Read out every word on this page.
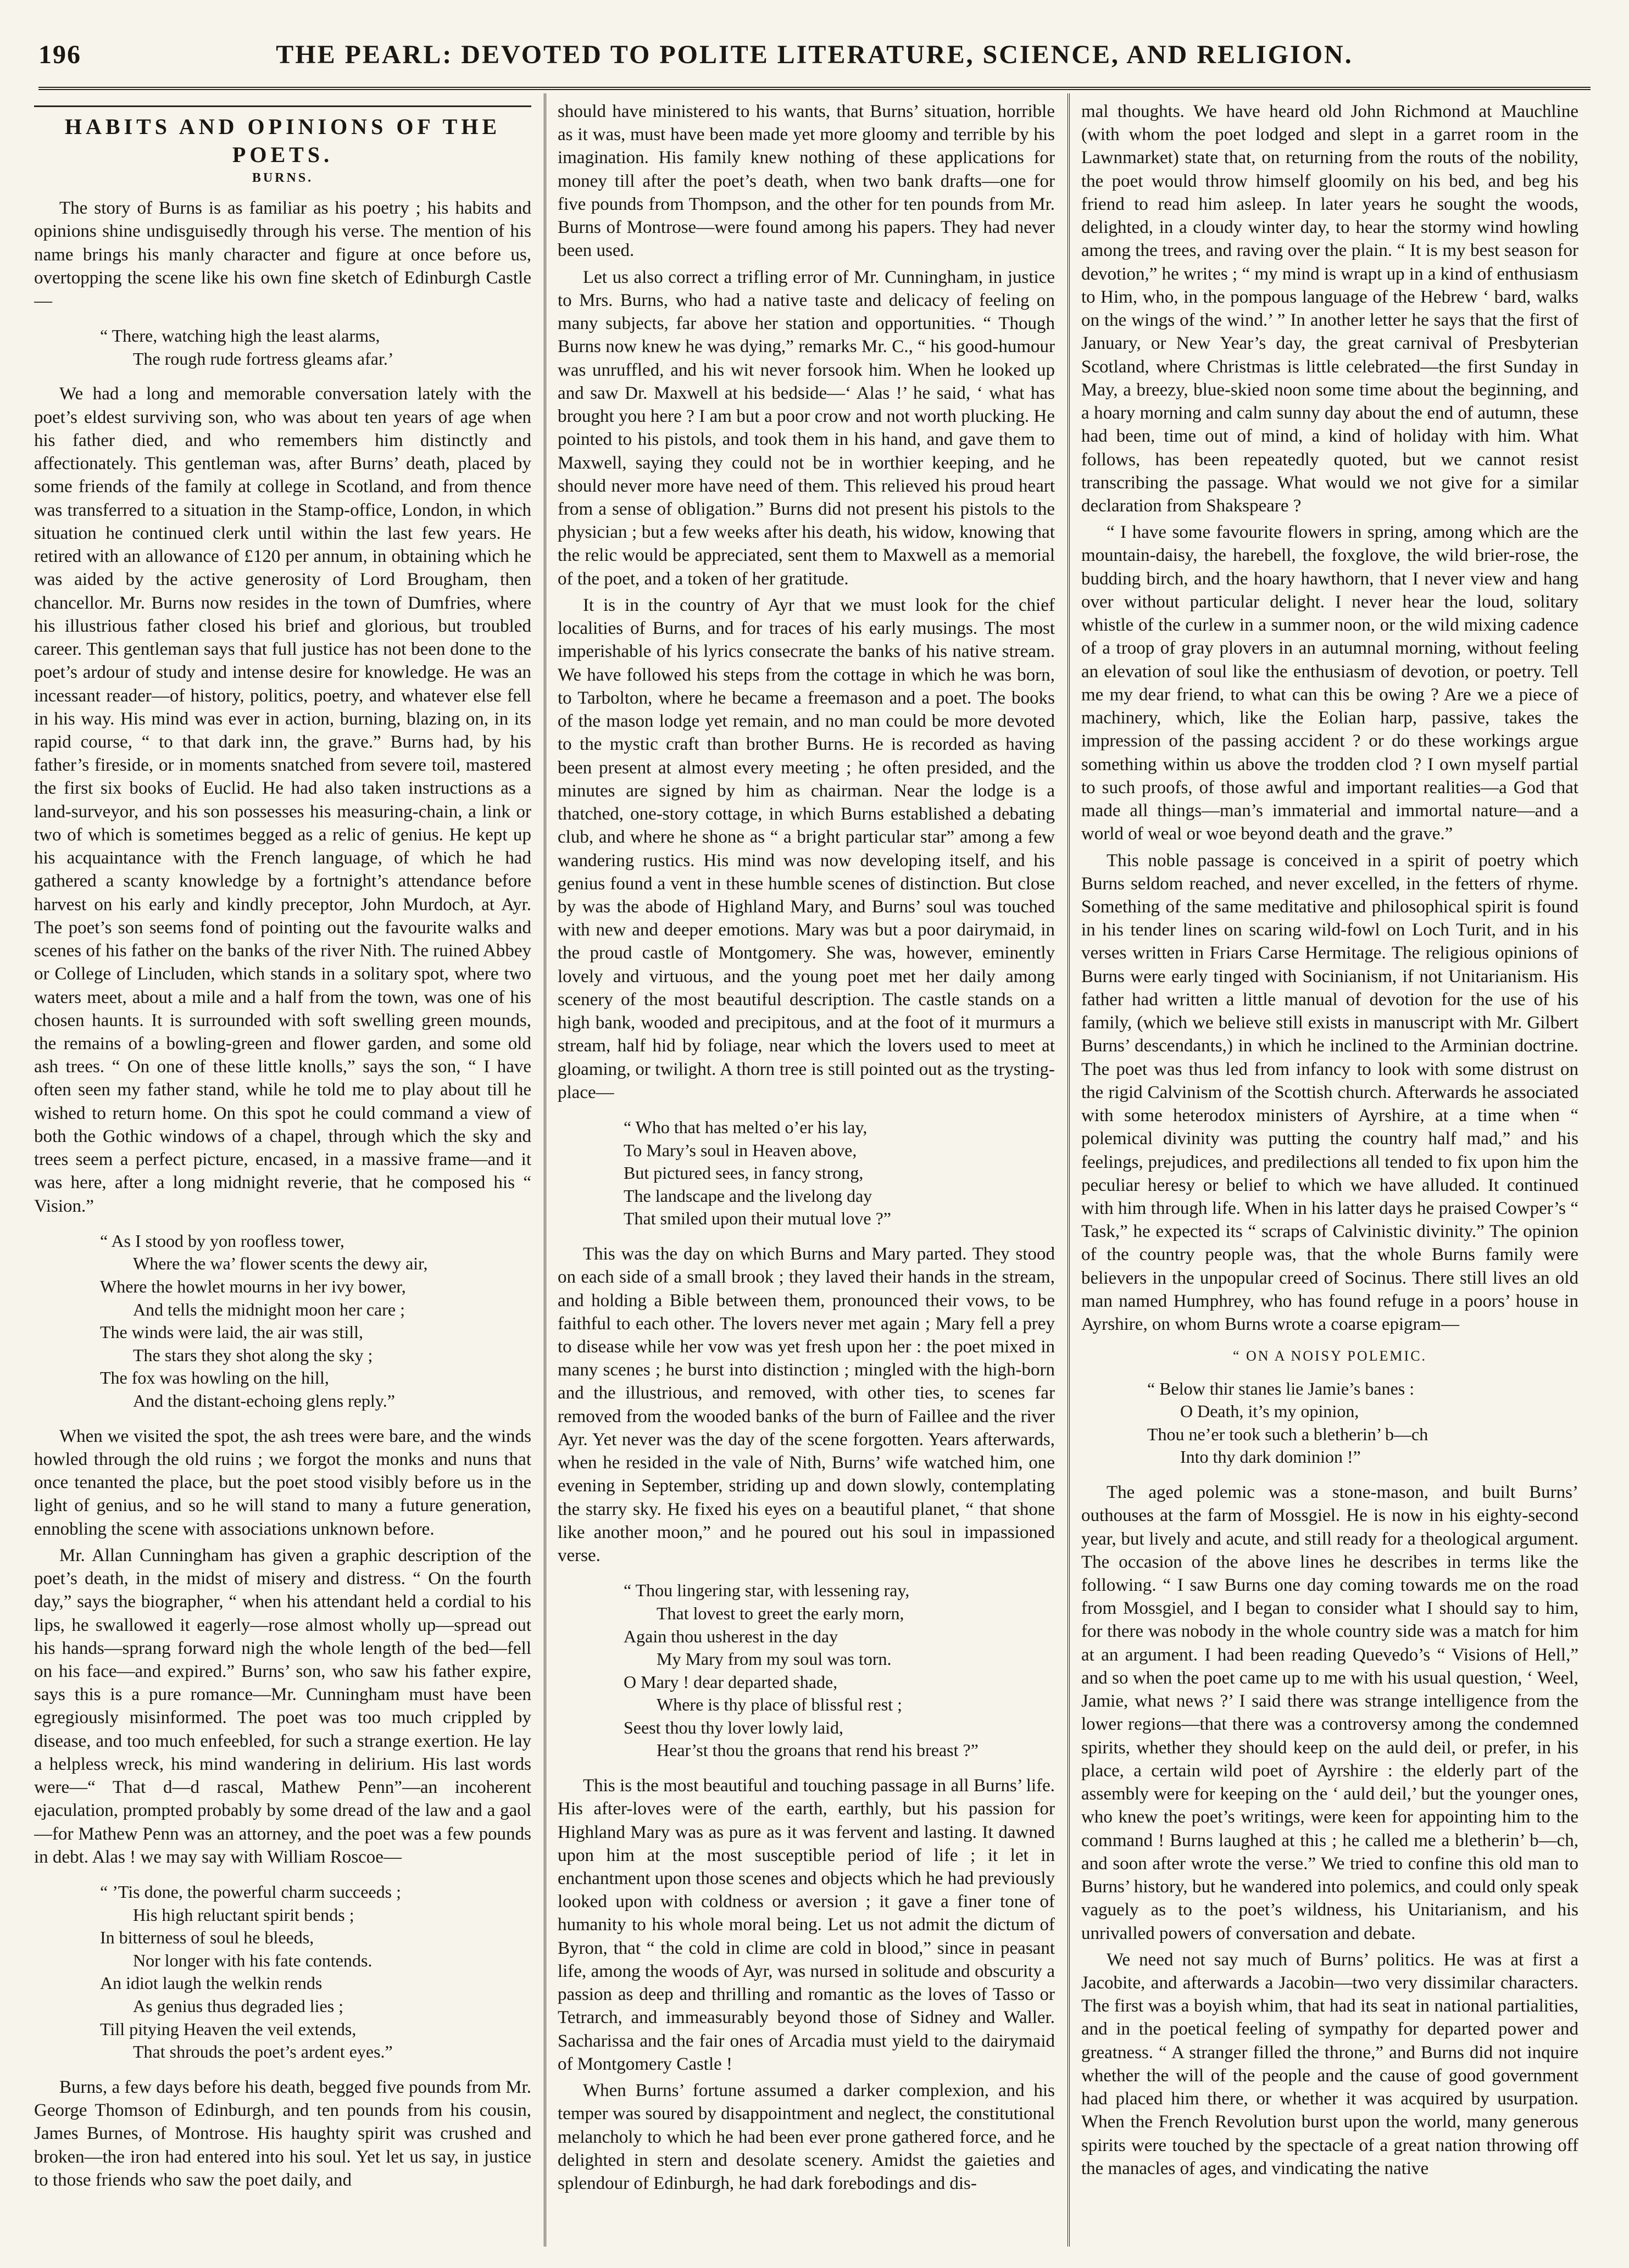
196	THE PEARL: DEVOTED TO POLITE LITERATURE, SCIENCE, AND RELIGION.
HABITS AND OPINIONS OF THE POETS.
BURNS.

The story of Burns is as familiar as his poetry ; his habits and opinions shine undisguisedly through his verse. The mention of his name brings his manly character and figure at once before us, overtopping the scene like his own fine sketch of Edinburgh Castle—

“ There, watching high the least alarms,
The rough rude fortress gleams afar.’

We had a long and memorable conversation lately with the poet’s eldest surviving son, who was about ten years of age when his father died, and who remembers him distinctly and affectionately. This gentleman was, after Burns’ death, placed by some friends of the family at college in Scotland, and from thence was transferred to a situation in the Stamp-office, London, in which situation he continued clerk until within the last few years. He retired with an allowance of £120 per annum, in obtaining which he was aided by the active generosity of Lord Brougham, then chancellor. Mr. Burns now resides in the town of Dumfries, where his illustrious father closed his brief and glorious, but troubled career. This gentleman says that full justice has not been done to the poet’s ardour of study and intense desire for knowledge. He was an incessant reader—of history, politics, poetry, and whatever else fell in his way. His mind was ever in action, burning, blazing on, in its rapid course, “ to that dark inn, the grave.” Burns had, by his father’s fireside, or in moments snatched from severe toil, mastered the first six books of Euclid. He had also taken instructions as a land-surveyor, and his son possesses his measuring-chain, a link or two of which is sometimes begged as a relic of genius. He kept up his acquaintance with the French language, of which he had gathered a scanty knowledge by a fortnight’s attendance before harvest on his early and kindly preceptor, John Murdoch, at Ayr. The poet’s son seems fond of pointing out the favourite walks and scenes of his father on the banks of the river Nith. The ruined Abbey or College of Lincluden, which stands in a solitary spot, where two waters meet, about a mile and a half from the town, was one of his chosen haunts. It is surrounded with soft swelling green mounds, the remains of a bowling-green and flower garden, and some old ash trees. “ On one of these little knolls,” says the son, “ I have often seen my father stand, while he told me to play about till he wished to return home. On this spot he could command a view of both the Gothic windows of a chapel, through which the sky and trees seem a perfect picture, encased, in a massive frame—and it was here, after a long midnight reverie, that he composed his “ Vision.”

“ As I stood by yon roofless tower,
Where the wa’ flower scents the dewy air,
Where the howlet mourns in her ivy bower,
And tells the midnight moon her care ;
The winds were laid, the air was still,
The stars they shot along the sky ;
The fox was howling on the hill,
And the distant-echoing glens reply.”

When we visited the spot, the ash trees were bare, and the winds howled through the old ruins ; we forgot the monks and nuns that once tenanted the place, but the poet stood visibly before us in the light of genius, and so he will stand to many a future generation, ennobling the scene with associations unknown before.

Mr. Allan Cunningham has given a graphic description of the poet’s death, in the midst of misery and distress. “ On the fourth day,” says the biographer, “ when his attendant held a cordial to his lips, he swallowed it eagerly—rose almost wholly up—spread out his hands—sprang forward nigh the whole length of the bed—fell on his face—and expired.” Burns’ son, who saw his father expire, says this is a pure romance—Mr. Cunningham must have been egregiously misinformed. The poet was too much crippled by disease, and too much enfeebled, for such a strange exertion. He lay a helpless wreck, his mind wandering in delirium. His last words were—“ That d—d rascal, Mathew Penn”—an incoherent ejaculation, prompted probably by some dread of the law and a gaol—for Mathew Penn was an attorney, and the poet was a few pounds in debt. Alas ! we may say with William Roscoe—

“ ’Tis done, the powerful charm succeeds ;
His high reluctant spirit bends ;
In bitterness of soul he bleeds,
Nor longer with his fate contends.
An idiot laugh the welkin rends
As genius thus degraded lies ;
Till pitying Heaven the veil extends,
That shrouds the poet’s ardent eyes.”

Burns, a few days before his death, begged five pounds from Mr. George Thomson of Edinburgh, and ten pounds from his cousin, James Burnes, of Montrose. His haughty spirit was crushed and broken—the iron had entered into his soul. Yet let us say, in justice to those friends who saw the poet daily, and

should have ministered to his wants, that Burns’ situation, horrible as it was, must have been made yet more gloomy and terrible by his imagination. His family knew nothing of these applications for money till after the poet’s death, when two bank drafts—one for five pounds from Thompson, and the other for ten pounds from Mr. Burns of Montrose—were found among his papers. They had never been used.

Let us also correct a trifling error of Mr. Cunningham, in justice to Mrs. Burns, who had a native taste and delicacy of feeling on many subjects, far above her station and opportunities. “ Though Burns now knew he was dying,” remarks Mr. C., “ his good-humour was unruffled, and his wit never forsook him. When he looked up and saw Dr. Maxwell at his bedside—‘ Alas !’ he said, ‘ what has brought you here ? I am but a poor crow and not worth plucking. He pointed to his pistols, and took them in his hand, and gave them to Maxwell, saying they could not be in worthier keeping, and he should never more have need of them. This relieved his proud heart from a sense of obligation.” Burns did not present his pistols to the physician ; but a few weeks after his death, his widow, knowing that the relic would be appreciated, sent them to Maxwell as a memorial of the poet, and a token of her gratitude.

It is in the country of Ayr that we must look for the chief localities of Burns, and for traces of his early musings. The most imperishable of his lyrics consecrate the banks of his native stream. We have followed his steps from the cottage in which he was born, to Tarbolton, where he became a freemason and a poet. The books of the mason lodge yet remain, and no man could be more devoted to the mystic craft than brother Burns. He is recorded as having been present at almost every meeting ; he often presided, and the minutes are signed by him as chairman. Near the lodge is a thatched, one-story cottage, in which Burns established a debating club, and where he shone as “ a bright particular star” among a few wandering rustics. His mind was now developing itself, and his genius found a vent in these humble scenes of distinction. But close by was the abode of Highland Mary, and Burns’ soul was touched with new and deeper emotions. Mary was but a poor dairymaid, in the proud castle of Montgomery. She was, however, eminently lovely and virtuous, and the young poet met her daily among scenery of the most beautiful description. The castle stands on a high bank, wooded and precipitous, and at the foot of it murmurs a stream, half hid by foliage, near which the lovers used to meet at gloaming, or twilight. A thorn tree is still pointed out as the trysting-place—

“ Who that has melted o’er his lay,
To Mary’s soul in Heaven above,
But pictured sees, in fancy strong,
The landscape and the livelong day
That smiled upon their mutual love ?”

This was the day on which Burns and Mary parted. They stood on each side of a small brook ; they laved their hands in the stream, and holding a Bible between them, pronounced their vows, to be faithful to each other. The lovers never met again ; Mary fell a prey to disease while her vow was yet fresh upon her : the poet mixed in many scenes ; he burst into distinction ; mingled with the high-born and the illustrious, and removed, with other ties, to scenes far removed from the wooded banks of the burn of Faillee and the river Ayr. Yet never was the day of the scene forgotten. Years afterwards, when he resided in the vale of Nith, Burns’ wife watched him, one evening in September, striding up and down slowly, contemplating the starry sky. He fixed his eyes on a beautiful planet, “ that shone like another moon,” and he poured out his soul in impassioned verse.

“ Thou lingering star, with lessening ray,
That lovest to greet the early morn,
Again thou usherest in the day
My Mary from my soul was torn.
O Mary ! dear departed shade,
Where is thy place of blissful rest ;
Seest thou thy lover lowly laid,
Hear’st thou the groans that rend his breast ?”

This is the most beautiful and touching passage in all Burns’ life. His after-loves were of the earth, earthly, but his passion for Highland Mary was as pure as it was fervent and lasting. It dawned upon him at the most susceptible period of life ; it let in enchantment upon those scenes and objects which he had previously looked upon with coldness or aversion ; it gave a finer tone of humanity to his whole moral being. Let us not admit the dictum of Byron, that “ the cold in clime are cold in blood,” since in peasant life, among the woods of Ayr, was nursed in solitude and obscurity a passion as deep and thrilling and romantic as the loves of Tasso or Tetrarch, and immeasurably beyond those of Sidney and Waller. Sacharissa and the fair ones of Arcadia must yield to the dairymaid of Montgomery Castle !

When Burns’ fortune assumed a darker complexion, and his temper was soured by disappointment and neglect, the constitutional melancholy to which he had been ever prone gathered force, and he delighted in stern and desolate scenery. Amidst the gaieties and splendour of Edinburgh, he had dark forebodings and dis-

mal thoughts. We have heard old John Richmond at Mauchline (with whom the poet lodged and slept in a garret room in the Lawnmarket) state that, on returning from the routs of the nobility, the poet would throw himself gloomily on his bed, and beg his friend to read him asleep. In later years he sought the woods, delighted, in a cloudy winter day, to hear the stormy wind howling among the trees, and raving over the plain. “ It is my best season for devotion,” he writes ; “ my mind is wrapt up in a kind of enthusiasm to Him, who, in the pompous language of the Hebrew ‘ bard, walks on the wings of the wind.’ ” In another letter he says that the first of January, or New Year’s day, the great carnival of Presbyterian Scotland, where Christmas is little celebrated—the first Sunday in May, a breezy, blue-skied noon some time about the beginning, and a hoary morning and calm sunny day about the end of autumn, these had been, time out of mind, a kind of holiday with him. What follows, has been repeatedly quoted, but we cannot resist transcribing the passage. What would we not give for a similar declaration from Shakspeare ?

“ I have some favourite flowers in spring, among which are the mountain-daisy, the harebell, the foxglove, the wild brier-rose, the budding birch, and the hoary hawthorn, that I never view and hang over without particular delight. I never hear the loud, solitary whistle of the curlew in a summer noon, or the wild mixing cadence of a troop of gray plovers in an autumnal morning, without feeling an elevation of soul like the enthusiasm of devotion, or poetry. Tell me my dear friend, to what can this be owing ? Are we a piece of machinery, which, like the Eolian harp, passive, takes the impression of the passing accident ? or do these workings argue something within us above the trodden clod ? I own myself partial to such proofs, of those awful and important realities—a God that made all things—man’s immaterial and immortal nature—and a world of weal or woe beyond death and the grave.”

This noble passage is conceived in a spirit of poetry which Burns seldom reached, and never excelled, in the fetters of rhyme. Something of the same meditative and philosophical spirit is found in his tender lines on scaring wild-fowl on Loch Turit, and in his verses written in Friars Carse Hermitage. The religious opinions of Burns were early tinged with Socinianism, if not Unitarianism. His father had written a little manual of devotion for the use of his family, (which we believe still exists in manuscript with Mr. Gilbert Burns’ descendants,) in which he inclined to the Arminian doctrine. The poet was thus led from infancy to look with some distrust on the rigid Calvinism of the Scottish church. Afterwards he associated with some heterodox ministers of Ayrshire, at a time when “ polemical divinity was putting the country half mad,” and his feelings, prejudices, and predilections all tended to fix upon him the peculiar heresy or belief to which we have alluded. It continued with him through life. When in his latter days he praised Cowper’s “ Task,” he expected its “ scraps of Calvinistic divinity.” The opinion of the country people was, that the whole Burns family were believers in the unpopular creed of Socinus. There still lives an old man named Humphrey, who has found refuge in a poors’ house in Ayrshire, on whom Burns wrote a coarse epigram—

“ ON A NOISY POLEMIC.
“ Below thir stanes lie Jamie’s banes :
O Death, it’s my opinion,
Thou ne’er took such a bletherin’ b—ch
Into thy dark dominion !”

The aged polemic was a stone-mason, and built Burns’ outhouses at the farm of Mossgiel. He is now in his eighty-second year, but lively and acute, and still ready for a theological argument. The occasion of the above lines he describes in terms like the following. “ I saw Burns one day coming towards me on the road from Mossgiel, and I began to consider what I should say to him, for there was nobody in the whole country side was a match for him at an argument. I had been reading Quevedo’s “ Visions of Hell,” and so when the poet came up to me with his usual question, ‘ Weel, Jamie, what news ?’ I said there was strange intelligence from the lower regions—that there was a controversy among the condemned spirits, whether they should keep on the auld deil, or prefer, in his place, a certain wild poet of Ayrshire : the elderly part of the assembly were for keeping on the ‘ auld deil,’ but the younger ones, who knew the poet’s writings, were keen for appointing him to the command ! Burns laughed at this ; he called me a bletherin’ b—ch, and soon after wrote the verse.” We tried to confine this old man to Burns’ history, but he wandered into polemics, and could only speak vaguely as to the poet’s wildness, his Unitarianism, and his unrivalled powers of conversation and debate.

We need not say much of Burns’ politics. He was at first a Jacobite, and afterwards a Jacobin—two very dissimilar characters. The first was a boyish whim, that had its seat in national partialities, and in the poetical feeling of sympathy for departed power and greatness. “ A stranger filled the throne,” and Burns did not inquire whether the will of the people and the cause of good government had placed him there, or whether it was acquired by usurpation. When the French Revolution burst upon the world, many generous spirits were touched by the spectacle of a great nation throwing off the manacles of ages, and vindicating the native
